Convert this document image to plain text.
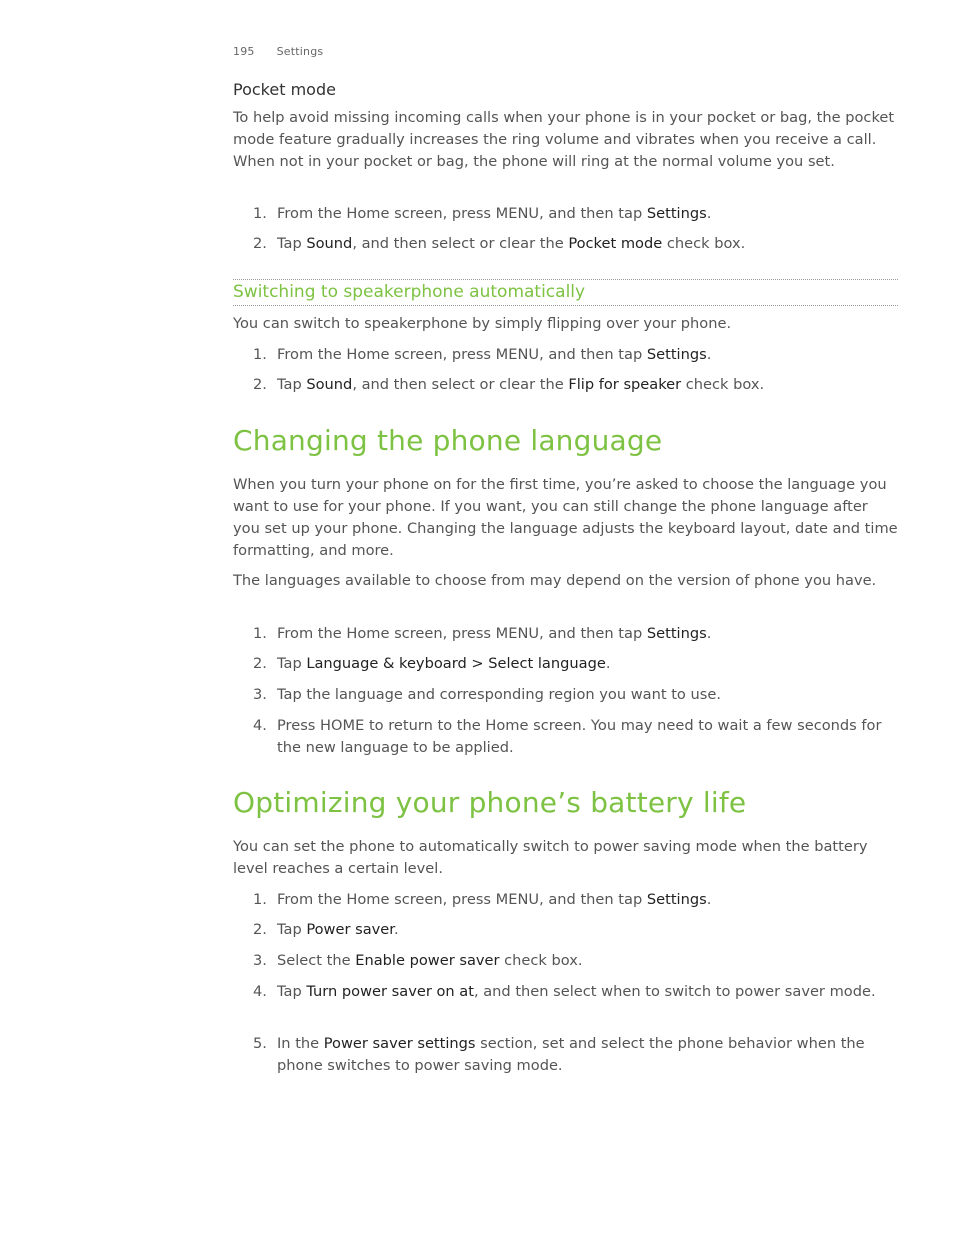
195 Settings
Pocket mode

To help avoid missing incoming calls when your phone is in your pocket or bag, the pocket mode feature gradually increases the ring volume and vibrates when you receive a call. When not in your pocket or bag, the phone will ring at the normal volume you set.

1. From the Home screen, press MENU, and then tap Settings.
2. Tap Sound, and then select or clear the Pocket mode check box.
Switching to speakerphone automatically

You can switch to speakerphone by simply flipping over your phone.

1. From the Home screen, press MENU, and then tap Settings.
2. Tap Sound, and then select or clear the Flip for speaker check box.
Changing the phone language

When you turn your phone on for the first time, you’re asked to choose the language you want to use for your phone. If you want, you can still change the phone language after you set up your phone. Changing the language adjusts the keyboard layout, date and time formatting, and more.

The languages available to choose from may depend on the version of phone you have.

1. From the Home screen, press MENU, and then tap Settings.
2. Tap Language & keyboard > Select language.
3. Tap the language and corresponding region you want to use.
4. Press HOME to return to the Home screen. You may need to wait a few seconds for the new language to be applied.
Optimizing your phone’s battery life

You can set the phone to automatically switch to power saving mode when the battery level reaches a certain level.

1. From the Home screen, press MENU, and then tap Settings.
2. Tap Power saver.
3. Select the Enable power saver check box.
4. Tap Turn power saver on at, and then select when to switch to power saver mode.
5. In the Power saver settings section, set and select the phone behavior when the phone switches to power saving mode.
